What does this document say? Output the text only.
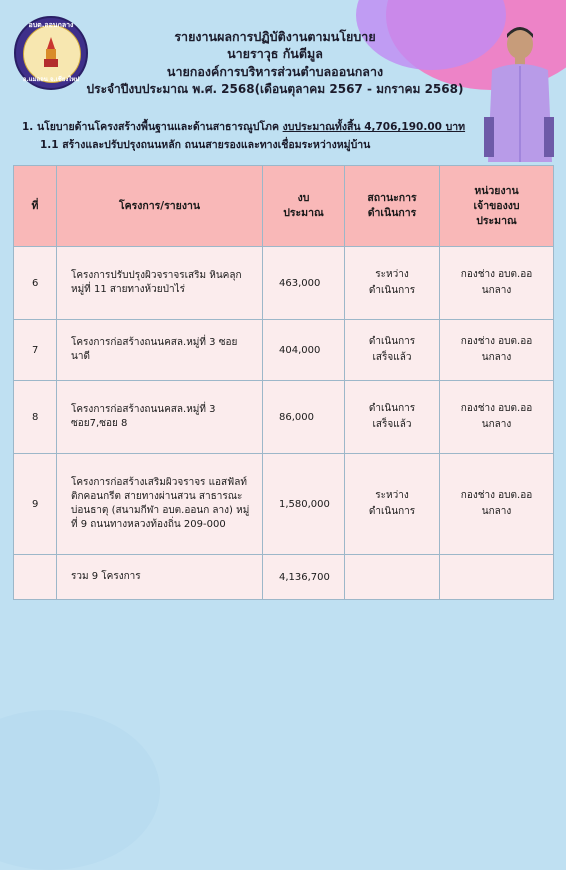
อบต.ออนกลาง
อ.แม่ออน จ.เชียงใหม่
รายงานผลการปฏิบัติงานตามนโยบาย
นายราวุธ กันตีมูล
นายกองค์การบริหารส่วนตำบลออนกลาง
ประจำปีงบประมาณ พ.ศ. 2568(เดือนตุลาคม 2567 - มกราคม 2568)
1. นโยบายด้านโครงสร้างพื้นฐานและด้านสาธารณูปโภค งบประมาณทั้งสิ้น 4,706,190.00 บาท
1.1 สร้างและปรับปรุงถนนหลัก ถนนสายรองและทางเชื่อมระหว่างหมู่บ้าน
ที่	โครงการ/รายงาน	งบ ประมาณ	สถานะการ ดำเนินการ	หน่วยงาน เจ้าของงบ ประมาณ

6	โครงการปรับปรุงผิวจราจรเสริม หินคลุก หมู่ที่ 11 สายทางห้วยป่าไร่	463,000	ระหว่าง ดำเนินการ	กองช่าง อบต.ออนกลาง

7	โครงการก่อสร้างถนนคสล.หมู่ที่ 3 ซอยนาดี	404,000	ดำเนินการ เสร็จแล้ว	กองช่าง อบต.ออนกลาง

8	โครงการก่อสร้างถนนคสล.หมู่ที่ 3 ซอย7,ซอย 8	86,000	ดำเนินการ เสร็จแล้ว	กองช่าง อบต.ออนกลาง

9	โครงการก่อสร้างเสริมผิวจราจร แอสฟัลท์ติกคอนกรีต สายทางผ่านสวน สาธารณะบ่อนธาตุ (สนามกีฬา อบต.ออนก ลาง) หมู่ที่ 9 ถนนทางหลวงท้องถิ่น 209-000	1,580,000	ระหว่าง ดำเนินการ	กองช่าง อบต.ออนกลาง

	รวม 9 โครงการ	4,136,700		
